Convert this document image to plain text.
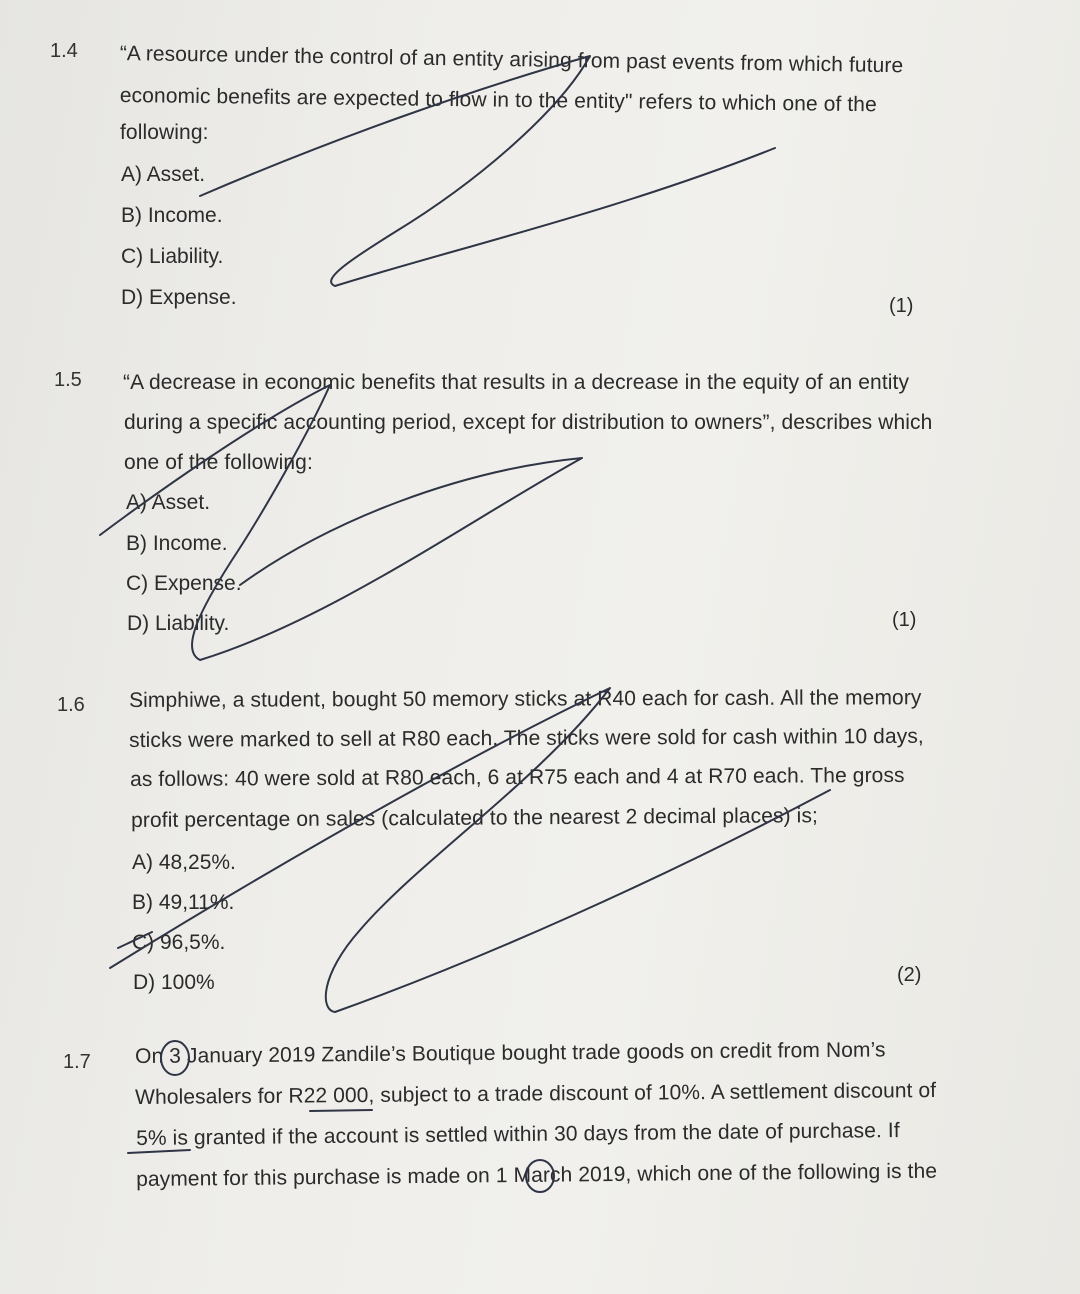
1.4 “A resource under the control of an entity arising from past events from which future
economic benefits are expected to flow in to the entity" refers to which one of the
following:
A) Asset.
B) Income.
C) Liability.
D) Expense.	(1)
1.5 “A decrease in economic benefits that results in a decrease in the equity of an entity
during a specific accounting period, except for distribution to owners”, describes which
one of the following:
A) Asset.
B) Income.
C) Expense.
D) Liability.	(1)
1.6 Simphiwe, a student, bought 50 memory sticks at R40 each for cash. All the memory
sticks were marked to sell at R80 each. The sticks were sold for cash within 10 days,
as follows: 40 were sold at R80 each, 6 at R75 each and 4 at R70 each. The gross
profit percentage on sales (calculated to the nearest 2 decimal places) is;
A) 48,25%.
B) 49,11%.
C) 96,5%.
D) 100%	(2)
1.7 On 3 January 2019 Zandile’s Boutique bought trade goods on credit from Nom’s
Wholesalers for R22 000, subject to a trade discount of 10%. A settlement discount of
5% is granted if the account is settled within 30 days from the date of purchase. If
payment for this purchase is made on 1 March 2019, which one of the following is the
